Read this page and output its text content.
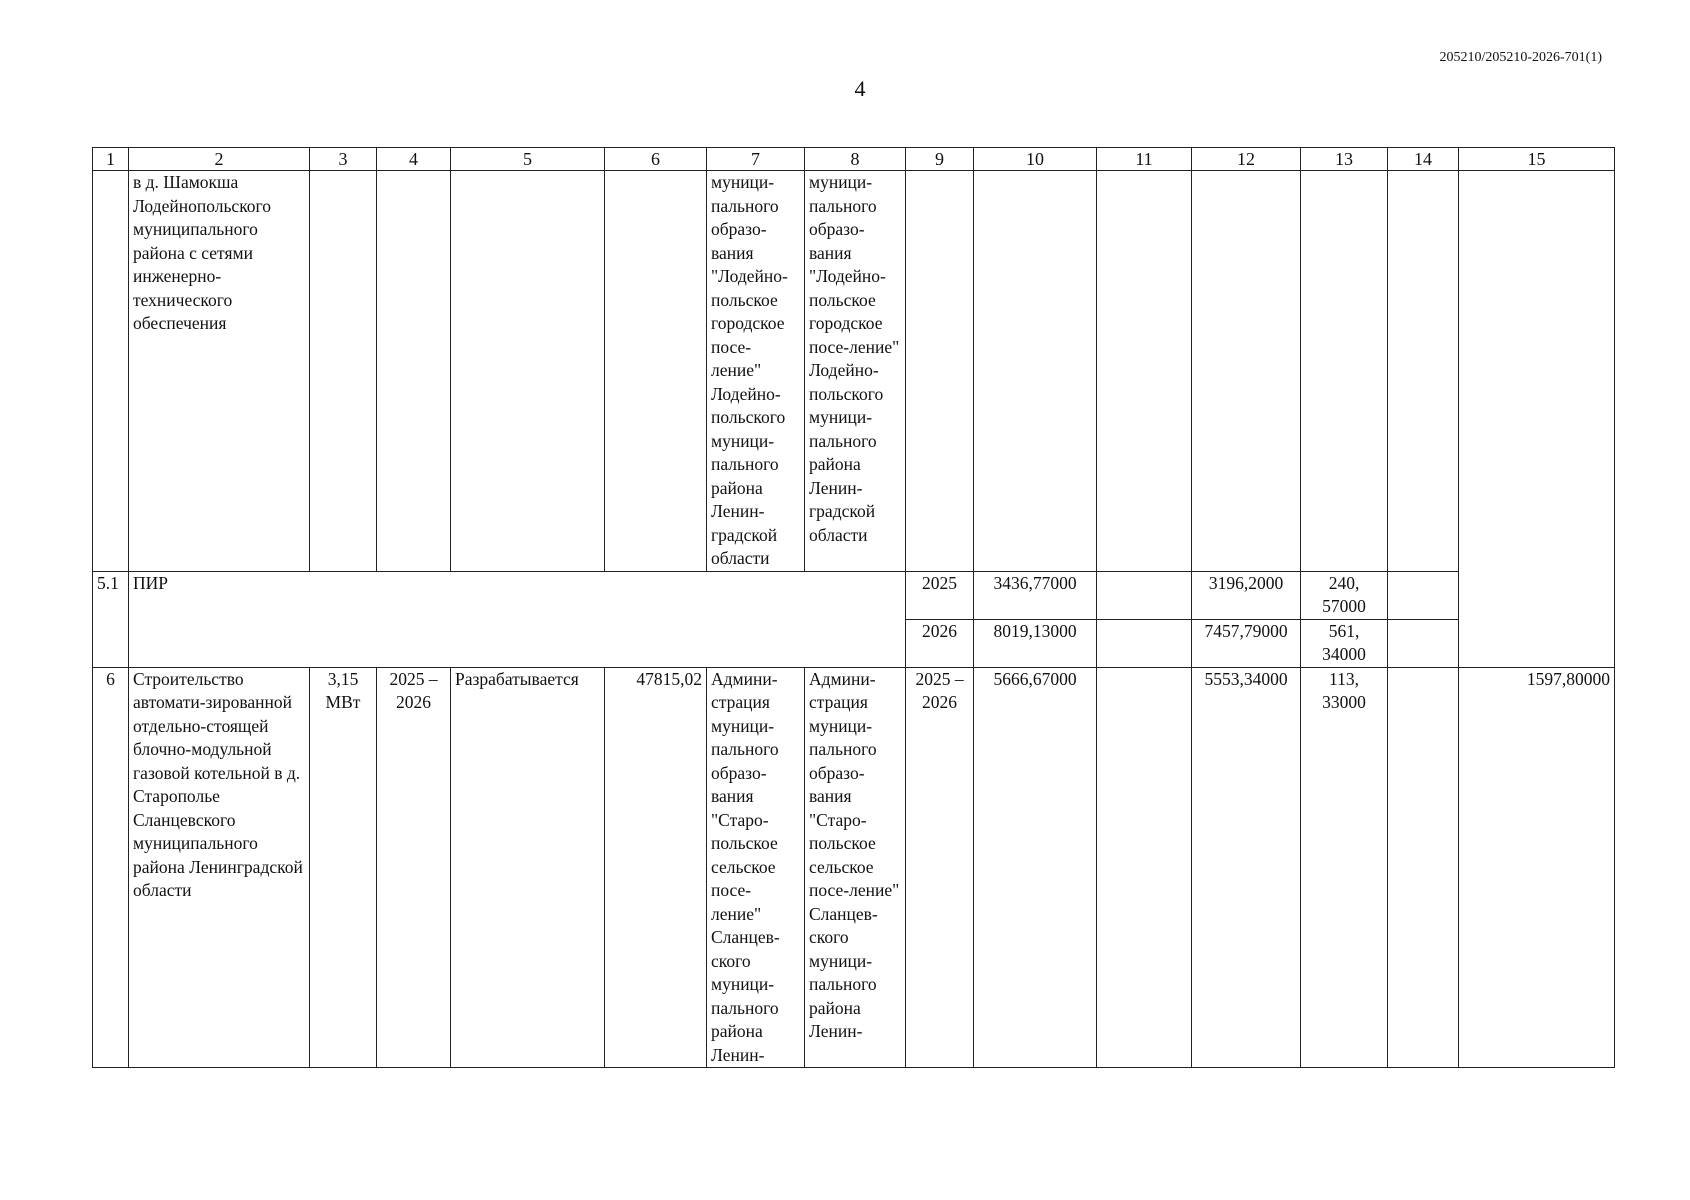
205210/205210-2026-701(1)
4
1	2	3	4	5	6	7	8	9	10	11	12	13	14	15
	в д. Шамокша Лодейнопольского муниципального района с сетями инженерно-технического обеспечения					муници-пального образо-вания "Лодейно-польское городское посе-ление" Лодейно-польского муници-пального района Ленин-градской области	муници-пального образо-вания "Лодейно-польское городское посе-ление" Лодейно-польского муници-пального района Ленин-градской области							
5.1	ПИР							2025	3436,77000		3196,2000	240, 57000		
								2026	8019,13000		7457,79000	561, 34000		
6	Строительство автомати-зированной отдельно-стоящей блочно-модульной газовой котельной в д. Старополье Сланцевского муниципального района Ленинградской области	3,15 МВт	2025 – 2026	Разрабатывается	47815,02	Админи-страция муници-пального образо-вания "Старо-польское сельское посе-ление" Сланцев-ского муници-пального района Ленин-	Админи-страция муници-пального образо-вания "Старо-польское сельское посе-ление" Сланцев-ского муници-пального района Ленин-	2025 – 2026	5666,67000		5553,34000	113, 33000		1597,80000
